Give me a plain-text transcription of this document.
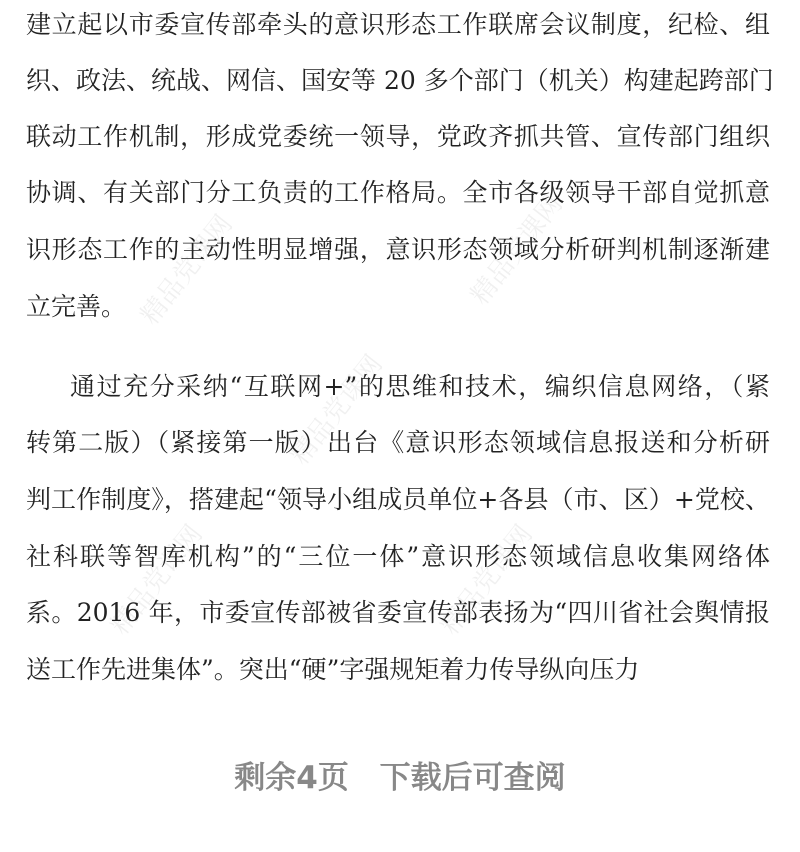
精品党课网	精品党课网
精品党课网
精品党课网	精品党课网
建立起以市委宣传部牵头的意识形态工作联席会议制度，纪检、组
织、政法、统战、网信、国安等 20 多个部门（机关）构建起跨部门
联动工作机制，形成党委统一领导，党政齐抓共管、宣传部门组织
协调、有关部门分工负责的工作格局。全市各级领导干部自觉抓意
识形态工作的主动性明显增强，意识形态领域分析研判机制逐渐建
立完善。
通过充分采纳“互联网+”的思维和技术，编织信息网络，（紧
转第二版）（紧接第一版）出台《意识形态领域信息报送和分析研
判工作制度》，搭建起“领导小组成员单位+各县（市、区）+党校、
社科联等智库机构”的“三位一体”意识形态领域信息收集网络体
系。2016 年，市委宣传部被省委宣传部表扬为“四川省社会舆情报
送工作先进集体”。突出“硬”字强规矩着力传导纵向压力
剩余4页 下载后可查阅
